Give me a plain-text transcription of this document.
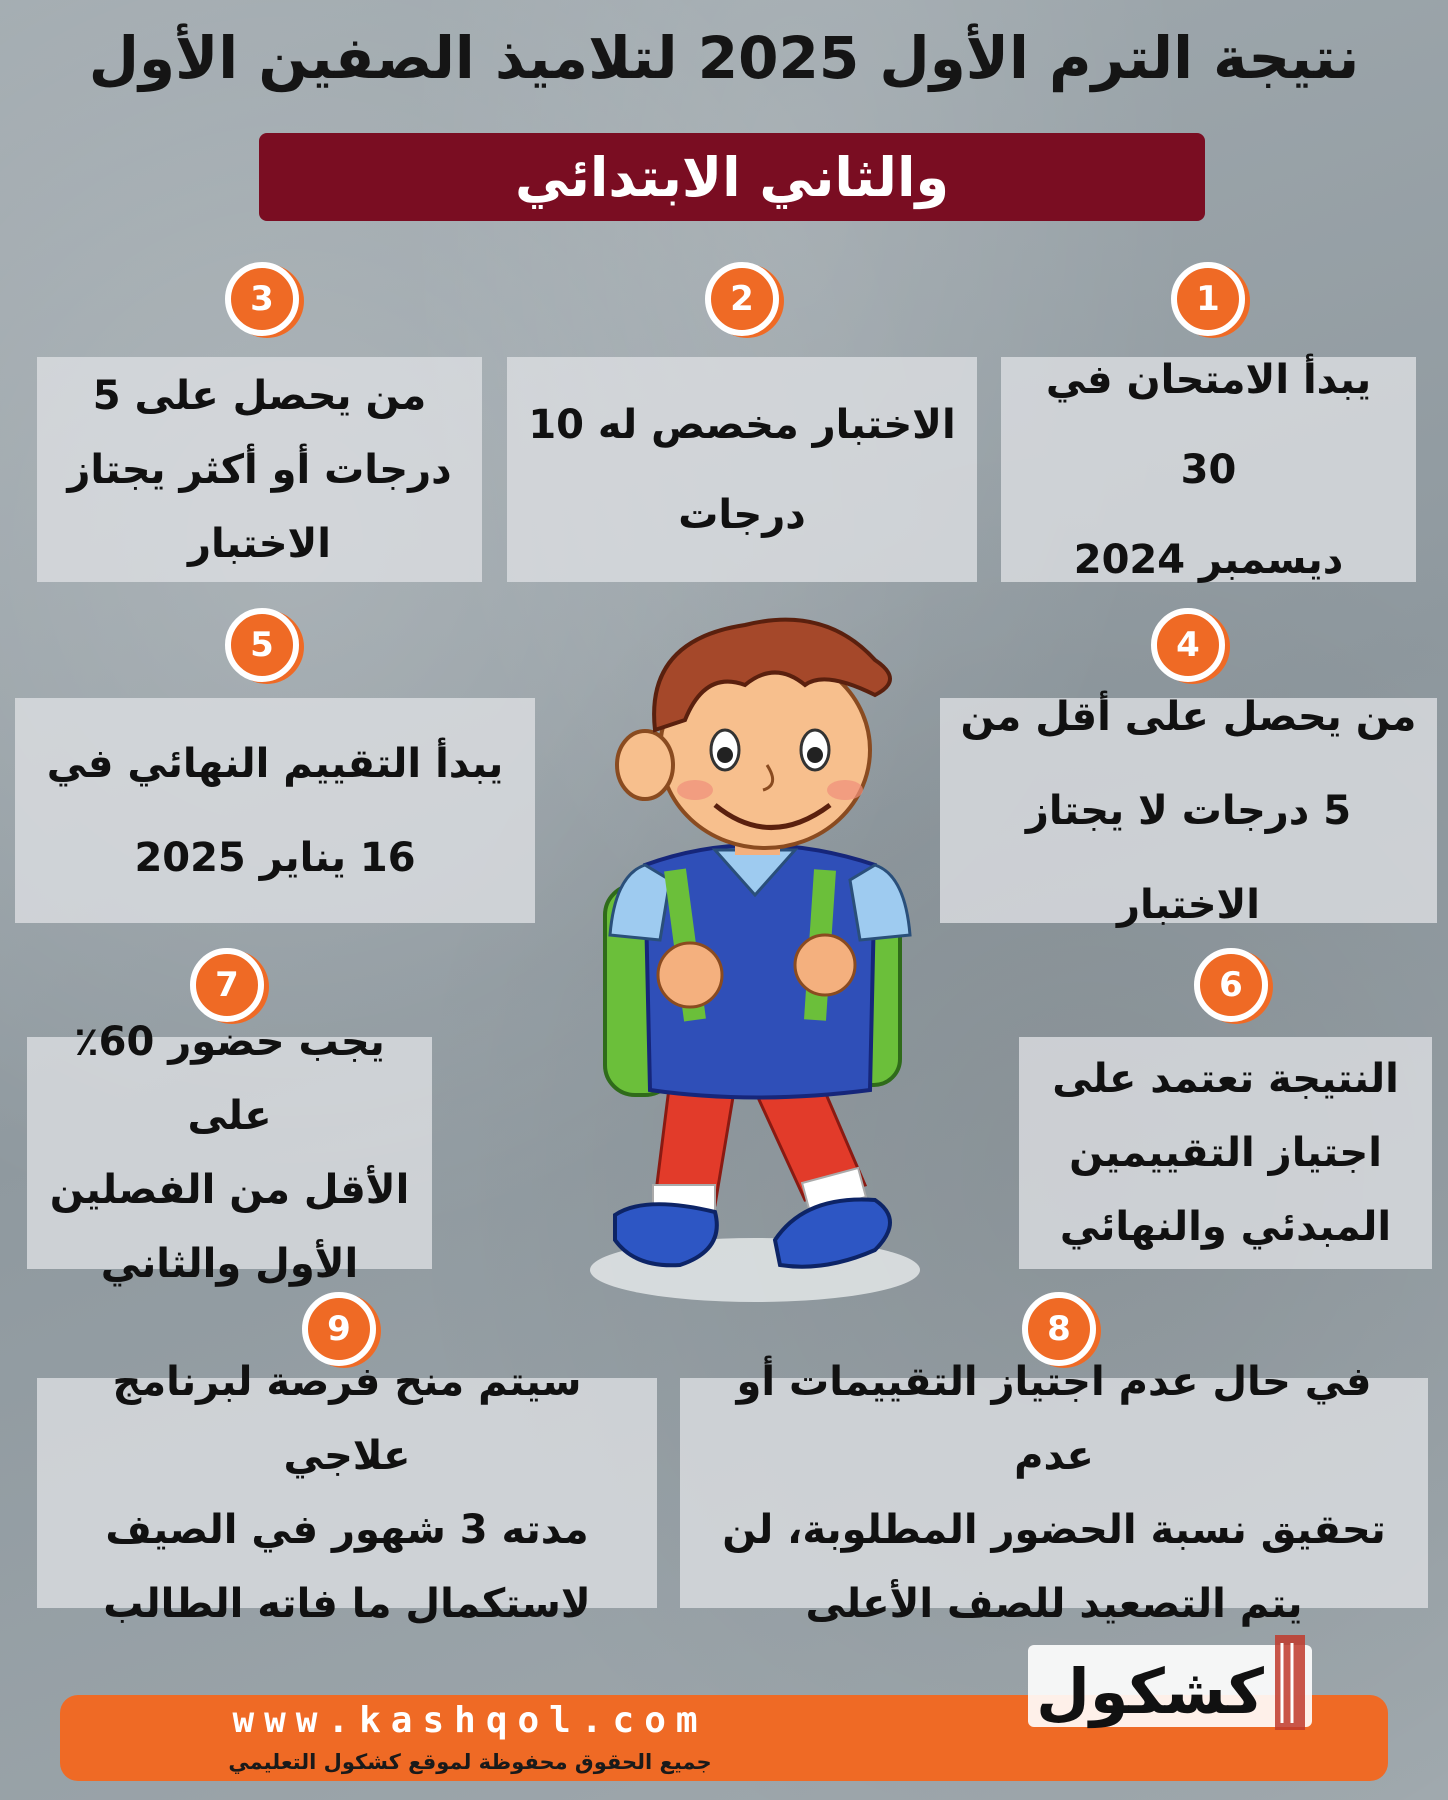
نتيجة الترم الأول 2025 لتلاميذ الصفين الأول
والثاني الابتدائي
1
2
3
4
5
6
7
8
9
يبدأ الامتحان في 30
ديسمبر 2024
الاختبار مخصص له 10
درجات
من يحصل على 5
درجات أو أكثر يجتاز
الاختبار
من يحصل على أقل من
5 درجات لا يجتاز الاختبار
يبدأ التقييم النهائي في
16 يناير 2025
النتيجة تعتمد على
اجتياز التقييمين
المبدئي والنهائي
يجب حضور 60٪ على
الأقل من الفصلين
الأول والثاني
في حال عدم اجتياز التقييمات أو عدم
تحقيق نسبة الحضور المطلوبة، لن
يتم التصعيد للصف الأعلى
سيتم منح فرصة لبرنامج علاجي
مدته 3 شهور في الصيف
لاستكمال ما فاته الطالب
www.kashqol.com
جميع الحقوق محفوظة لموقع كشكول التعليمي
كشكول
